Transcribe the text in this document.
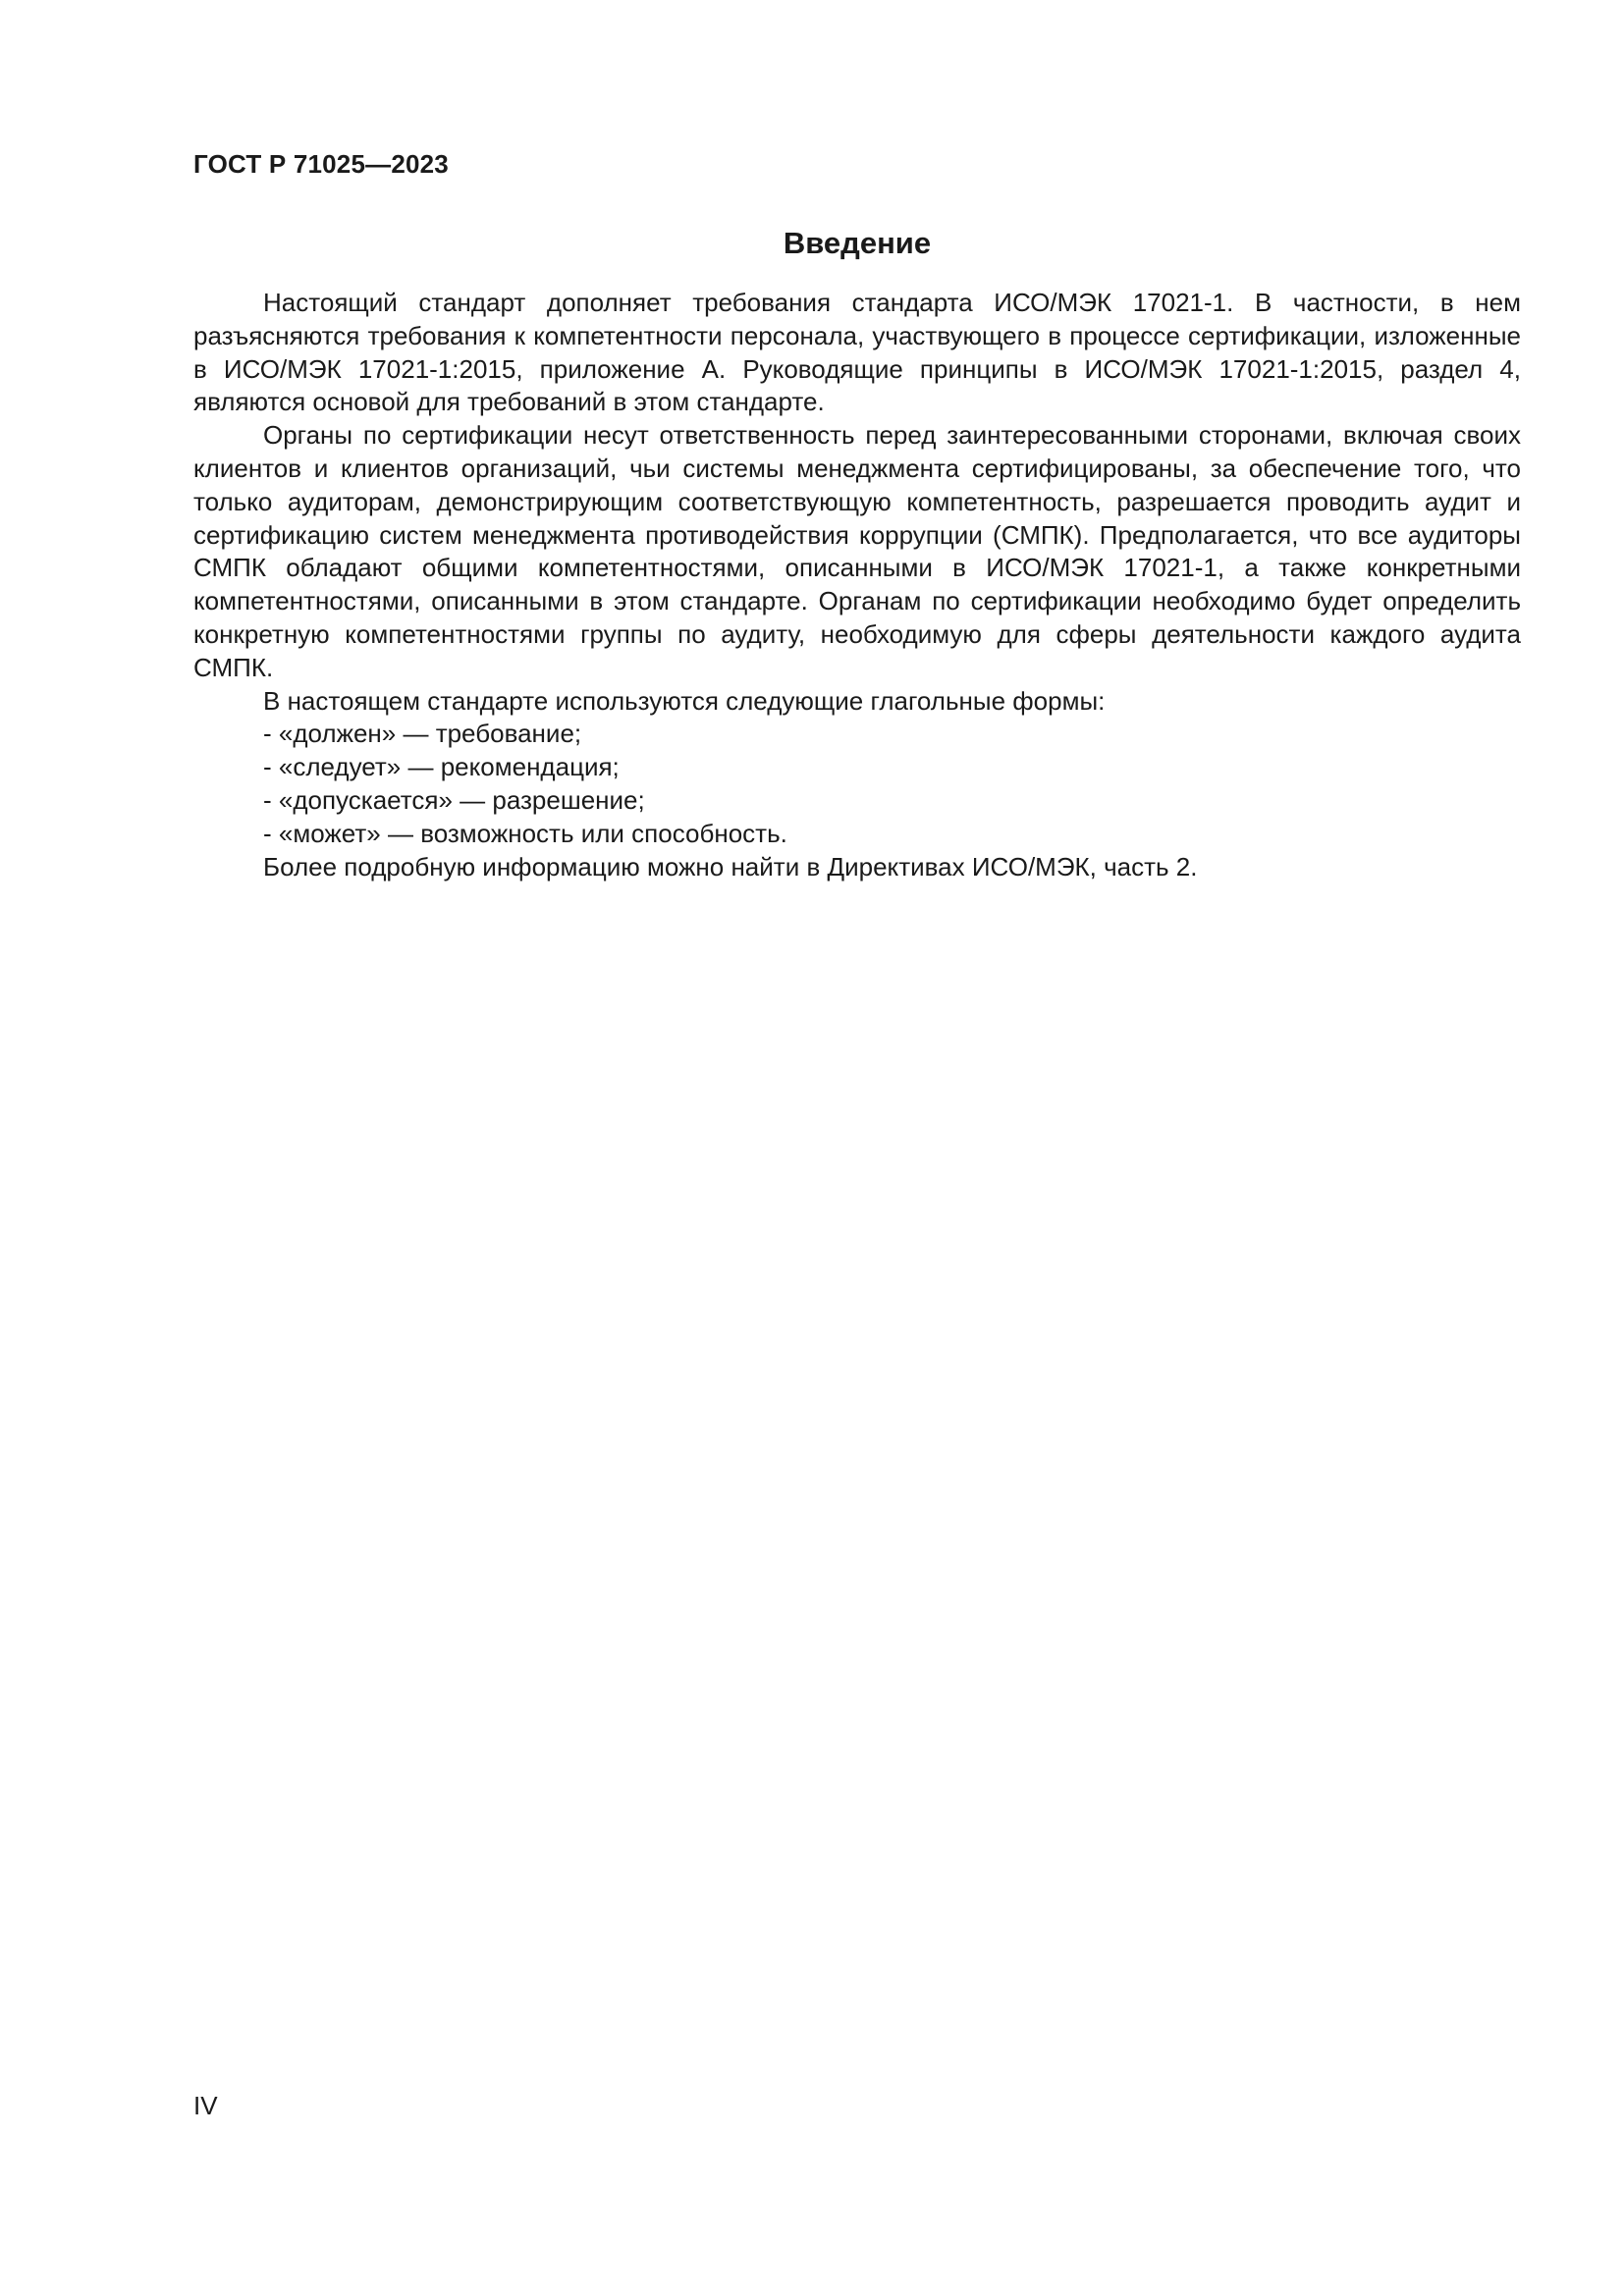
ГОСТ Р 71025—2023
Введение

Настоящий стандарт дополняет требования стандарта ИСО/МЭК 17021-1. В частности, в нем разъясняются требования к компетентности персонала, участвующего в процессе сертификации, изложенные в ИСО/МЭК 17021-1:2015, приложение А. Руководящие принципы в ИСО/МЭК 17021-1:2015, раздел 4, являются основой для требований в этом стандарте.

Органы по сертификации несут ответственность перед заинтересованными сторонами, включая своих клиентов и клиентов организаций, чьи системы менеджмента сертифицированы, за обеспечение того, что только аудиторам, демонстрирующим соответствующую компетентность, разрешается проводить аудит и сертификацию систем менеджмента противодействия коррупции (СМПК). Предполагается, что все аудиторы СМПК обладают общими компетентностями, описанными в ИСО/МЭК 17021-1, а также конкретными компетентностями, описанными в этом стандарте. Органам по сертификации необходимо будет определить конкретную компетентностями группы по аудиту, необходимую для сферы деятельности каждого аудита СМПК.

В настоящем стандарте используются следующие глагольные формы:

- «должен» — требование;
- «следует» — рекомендация;
- «допускается» — разрешение;
- «может» — возможность или способность.

Более подробную информацию можно найти в Директивах ИСО/МЭК, часть 2.

IV
